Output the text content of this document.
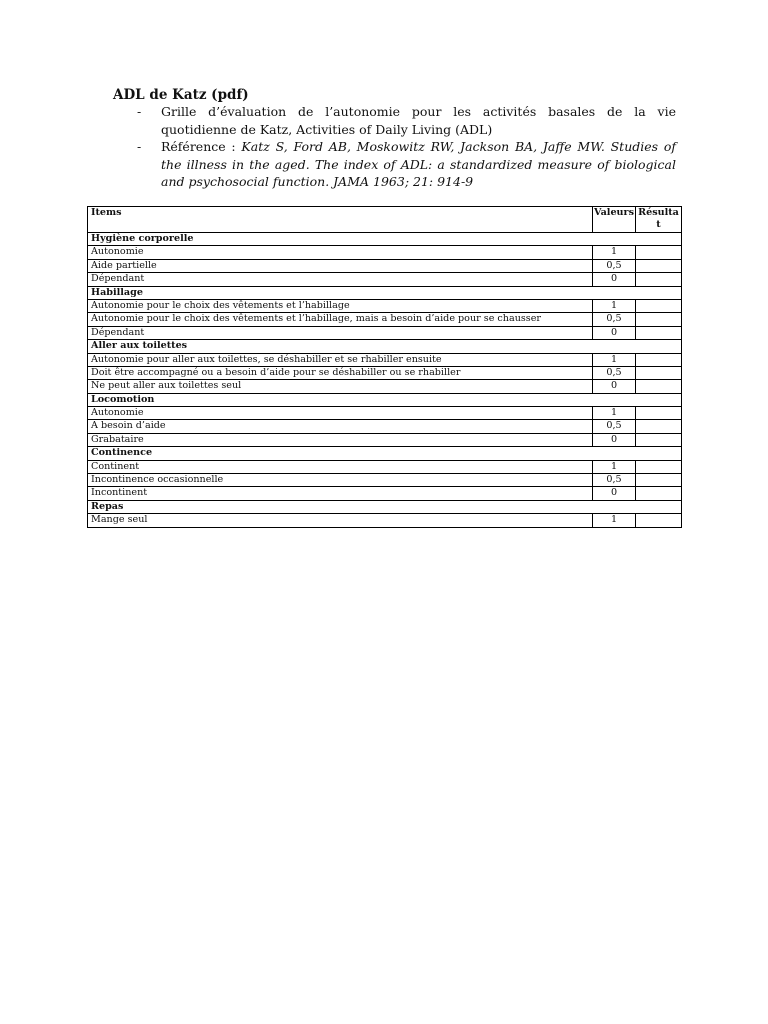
ADL de Katz (pdf)
- Grille d’évaluation de l’autonomie pour les activités basales de la vie quotidienne de Katz, Activities of Daily Living (ADL)
- Référence : Katz S, Ford AB, Moskowitz RW, Jackson BA, Jaffe MW. Studies of the illness in the aged. The index of ADL: a standardized measure of biological and psychosocial function. JAMA 1963; 21: 914-9
Items	Valeurs	Résultat
Hygiène corporelle		
Autonomie	1	
Aide partielle	0,5	
Dépendant	0	
Habillage		
Autonomie pour le choix des vêtements et l’habillage	1	
Autonomie pour le choix des vêtements et l’habillage, mais a besoin d’aide pour se chausser	0,5	
Dépendant	0	
Aller aux toilettes		
Autonomie pour aller aux toilettes, se déshabiller et se rhabiller ensuite	1	
Doit être accompagné ou a besoin d’aide pour se déshabiller ou se rhabiller	0,5	
Ne peut aller aux toilettes seul	0	
Locomotion		
Autonomie	1	
A besoin d’aide	0,5	
Grabataire	0	
Continence		
Continent	1	
Incontinence occasionnelle	0,5	
Incontinent	0	
Repas		
Mange seul	1	
